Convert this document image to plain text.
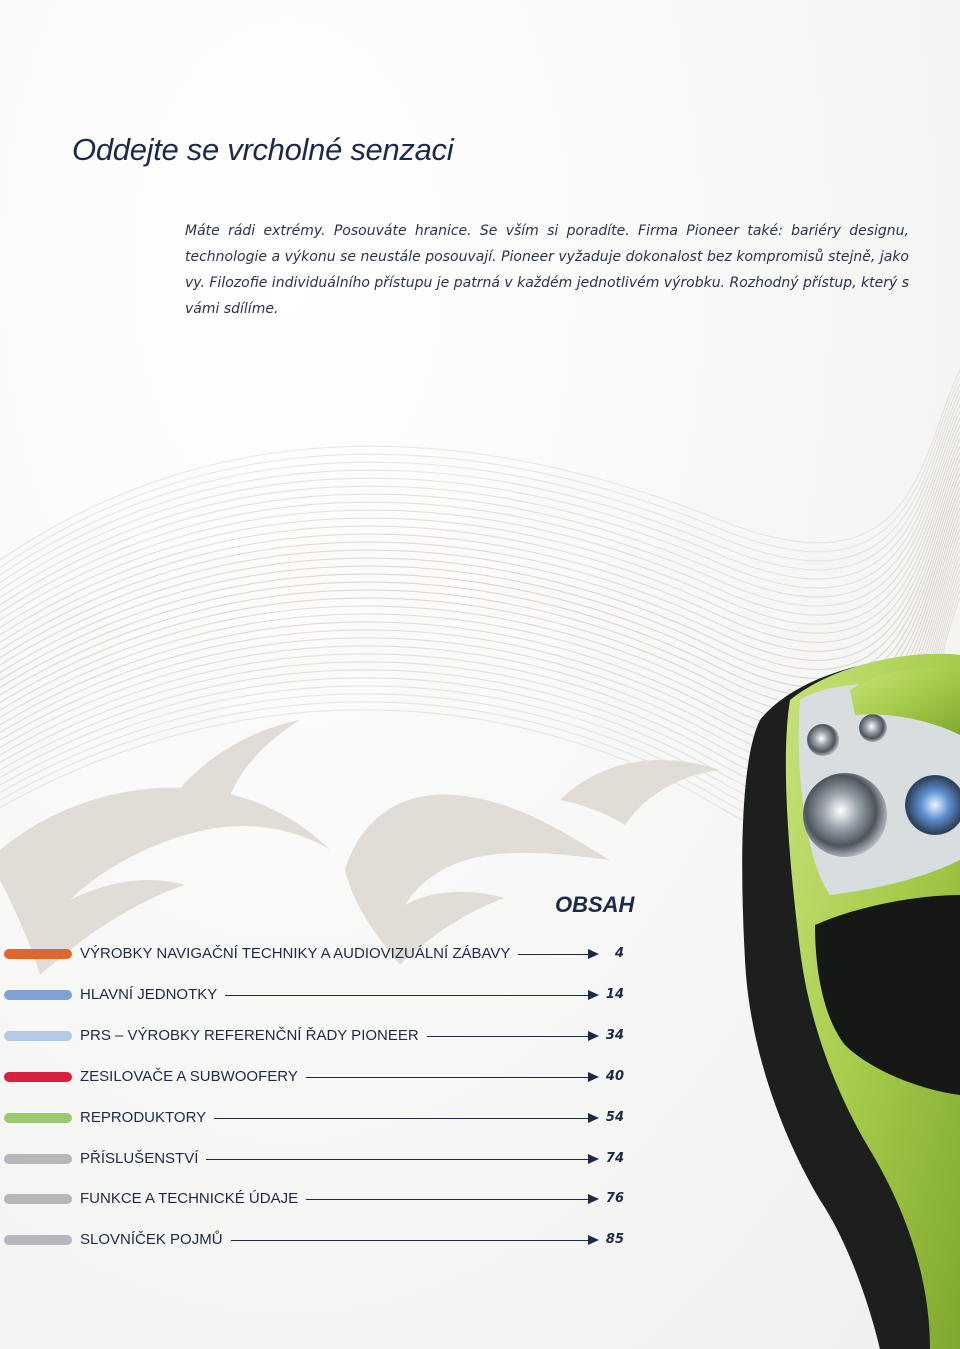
Oddejte se vrcholné senzaci

Máte rádi extrémy. Posouváte hranice. Se vším si poradíte. Firma Pioneer také: bariéry designu, technologie a výkonu se neustále posouvají. Pioneer vyžaduje dokonalost bez kompromisů stejně, jako vy. Filozofie individuálního přístupu je patrná v každém jednotlivém výrobku. Rozhodný přístup, který s vámi sdílíme.

OBSAH
VÝROBKY NAVIGAČNÍ TECHNIKY A AUDIOVIZUÁLNÍ ZÁBAVY	4
HLAVNÍ JEDNOTKY	14
PRS – VÝROBKY REFERENČNÍ ŘADY PIONEER	34
ZESILOVAČE A SUBWOOFERY	40
REPRODUKTORY	54
PŘÍSLUŠENSTVÍ	74
FUNKCE A TECHNICKÉ ÚDAJE	76
SLOVNÍČEK POJMŮ	85
